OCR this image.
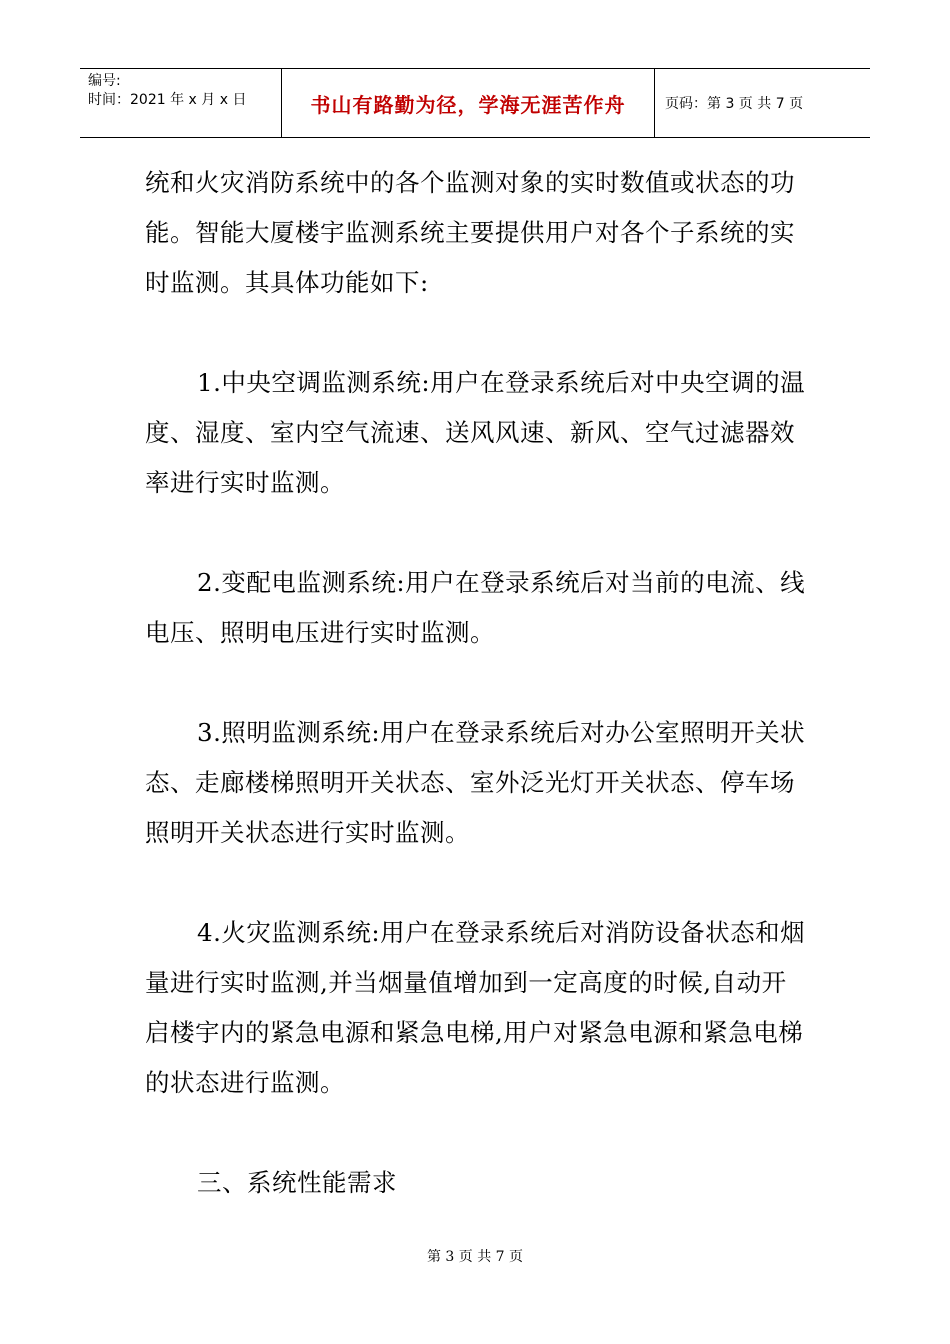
编号:
时间：2021 年 x 月 x 日	书山有路勤为径，学海无涯苦作舟	页码：第 3 页 共 7 页

统和火灾消防系统中的各个监测对象的实时数值或状态的功能。智能大厦楼宇监测系统主要提供用户对各个子系统的实时监测。其具体功能如下:

1.中央空调监测系统:用户在登录系统后对中央空调的温度、湿度、室内空气流速、送风风速、新风、空气过滤器效率进行实时监测。

2.变配电监测系统:用户在登录系统后对当前的电流、线电压、照明电压进行实时监测。

3.照明监测系统:用户在登录系统后对办公室照明开关状态、走廊楼梯照明开关状态、室外泛光灯开关状态、停车场照明开关状态进行实时监测。

4.火灾监测系统:用户在登录系统后对消防设备状态和烟量进行实时监测,并当烟量值增加到一定高度的时候,自动开启楼宇内的紧急电源和紧急电梯,用户对紧急电源和紧急电梯的状态进行监测。

三、系统性能需求

第 3 页 共 7 页
